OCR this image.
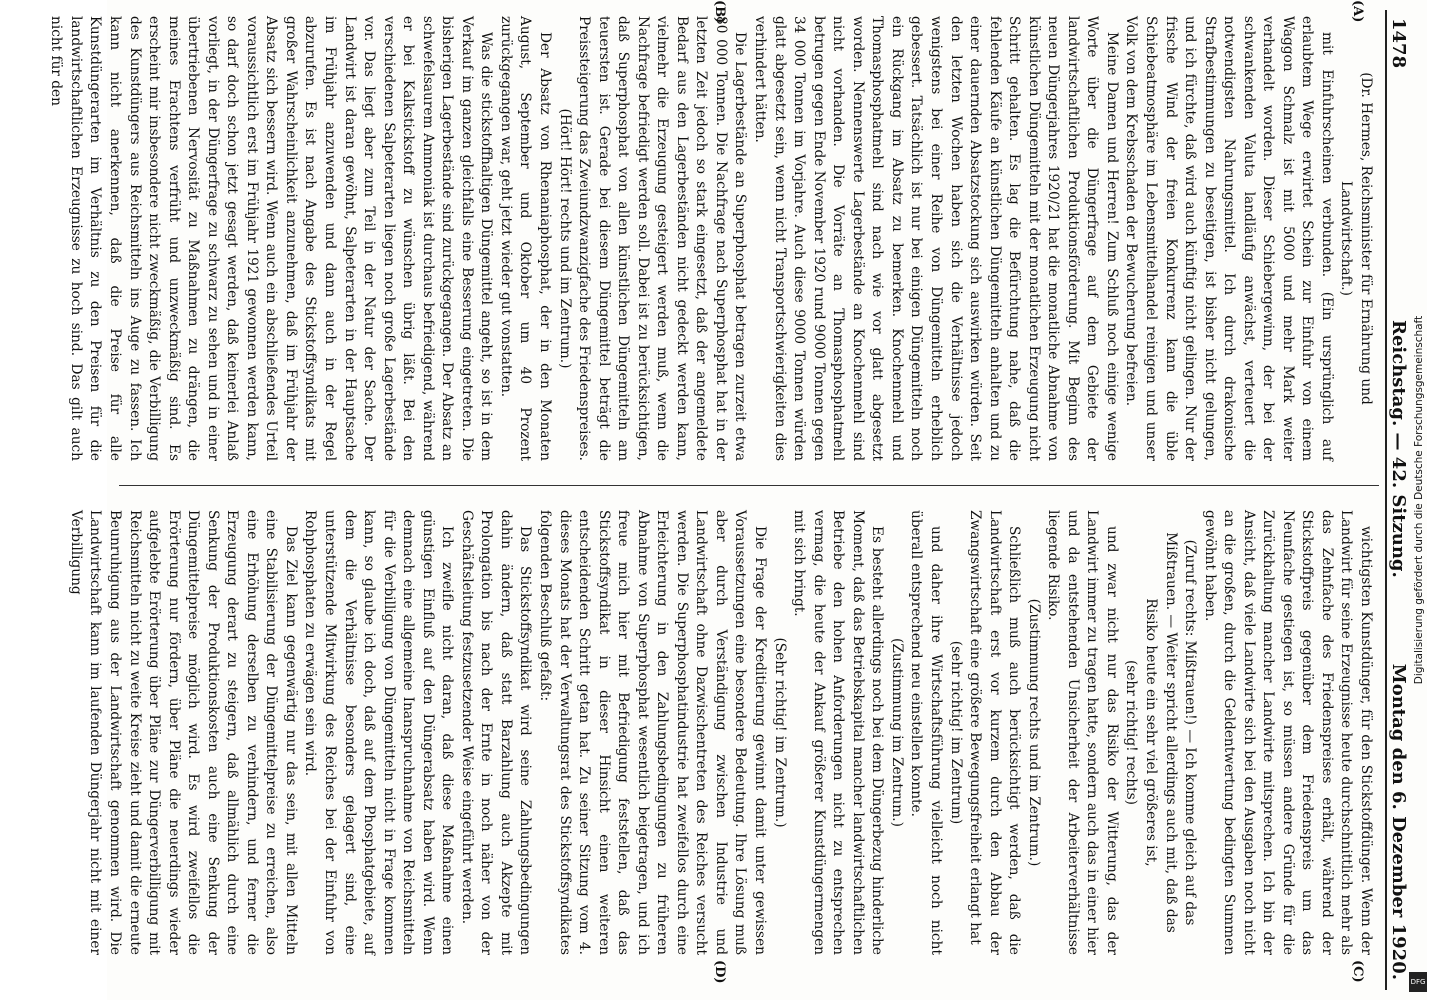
1478
Reichstag. — 42. Sitzung.
Montag den 6. Dezember 1920.
(A)
(B)
(C)
(D)

(Dr. Hermes, Reichsminister für Ernährung und Landwirtschaft.)

mit Einfuhrscheinen verbunden. (Ein ursprünglich auf erlaubtem Wege erwirtet Schein zur Einfuhr von einem Waggon Schmalz ist mit 5000 und mehr Mark weiter verhandelt worden. Dieser Schiebergewinn, der bei der schwankenden Valuta landläufig anwächst, verteuert die notwendigsten Nahrungsmittel. Ich durch drakonische Strafbestimmungen zu beseitigen, ist bisher nicht gelungen, und ich fürchte, daß wird auch künftig nicht gelingen. Nur der frische Wind der freien Konkurrenz kann die üble Schiebeatmosphäre im Lebensmittelhandel reinigen und unser Volk von dem Krebsschaden der Bewucherung befreien.

Meine Damen und Herren! Zum Schluß noch einige wenige Worte über die Düngerfrage auf dem Gebiete der landwirtschaftlichen Produktionsförderung. Mit Beginn des neuen Düngerjahres 1920/21 hat die monatliche Abnahme von künstlichen Düngemitteln mit der monatlichen Erzeugung nicht Schritt gehalten. Es lag die Befürchtung nahe, daß die fehlenden Käufe an künstlichen Düngemitteln anhalten und zu einer dauernden Absatzstockung sich auswirken würden. Seit den letzten Wochen haben sich die Verhältnisse jedoch wenigstens bei einer Reihe von Düngemitteln erheblich gebessert. Tatsächlich ist nur bei einigen Düngemitteln noch ein Rückgang im Absatz zu bemerken. Knochenmehl und Thomasphosphatmehl sind nach wie vor glatt abgesetzt worden. Nennenswerte Lagerbestände an Knochenmehl sind nicht vorhanden. Die Vorräte an Thomasphosphatmehl betrugen gegen Ende November 1920 rund 9000 Tonnen gegen 34 000 Tonnen im Vorjahre. Auch diese 9000 Tonnen würden glatt abgesetzt sein, wenn nicht Transportschwierigkeiten dies verhindert hätten.

Die Lagerbestände an Superphosphat betragen zurzeit etwa 80 000 Tonnen. Die Nachfrage nach Superphosphat hat in der letzten Zeit jedoch so stark eingesetzt, daß der angemeldete Bedarf aus den Lagerbeständen nicht gedeckt werden kann, vielmehr die Erzeugung gesteigert werden muß, wenn die Nachfrage befriedigt werden soll. Dabei ist zu berücksichtigen, daß Superphosphat von allen künstlichen Düngemitteln am teuersten ist. Gerade bei diesem Düngemittel beträgt die Preissteigerung das Zweiundzwanzigfache des Friedenspreises.

(Hört! Hört! rechts und im Zentrum.)

Der Absatz von Rhenaniaphosphat, der in den Monaten August, September und Oktober um 40 Prozent zurückgegangen war, geht jetzt wieder gut vonstatten.

Was die stickstoffhaltigen Düngemittel angeht, so ist in dem Verkauf im ganzen gleichfalls eine Besserung eingetreten. Die bisherigen Lagerbestände sind zurückgegangen. Der Absatz an schwefelsaurem Ammoniak ist durchaus befriedigend, während er bei Kalkstickstoff zu wünschen übrig läßt. Bei den verschiedenen Salpeterarten liegen noch große Lagerbestände vor. Das liegt aber zum Teil in der Natur der Sache. Der Landwirt ist daran gewöhnt, Salpeterarten in der Hauptsache im Frühjahr anzuwenden und dann auch in der Regel abzurufen. Es ist nach Angabe des Stickstoffsyndikats mit großer Wahrscheinlichkeit anzunehmen, daß im Frühjahr der Absatz sich bessern wird. Wenn auch ein abschließendes Urteil voraussichtlich erst im Frühjahr 1921 gewonnen werden kann, so darf doch schon jetzt gesagt werden, daß keinerlei Anlaß vorliegt, in der Düngerfrage zu schwarz zu sehen und in einer übertriebenen Nervosität zu Maßnahmen zu drängen, die meines Erachtens verfrüht und unzweckmäßig sind. Es erscheint mir insbesondere nicht zweckmäßig, die Verbilligung des Kunstdüngers aus Reichsmitteln ins Auge zu fassen. Ich kann nicht anerkennen, daß die Preise für alle Kunstdüngerarten im Verhältnis zu den Preisen für die landwirtschaftlichen Erzeugnisse zu hoch sind. Das gilt auch nicht für den

wichtigsten Kunstdünger, für den Stickstoffdünger. Wenn der Landwirt für seine Erzeugnisse heute durchschnittlich mehr als das Zehnfache des Friedenspreises erhält, während der Stickstoffpreis gegenüber dem Friedenspreis um das Neunfache gestiegen ist, so müssen andere Gründe für die Zurückhaltung mancher Landwirte mitsprechen. Ich bin der Ansicht, daß viele Landwirte sich bei den Ausgaben noch nicht an die großen, durch die Geldentwertung bedingten Summen gewöhnt haben.

(Zuruf rechts: Mißtrauen!) — Ich komme gleich auf das Mißtrauen. — Weiter spricht allerdings auch mit, daß das Risiko heute ein sehr viel größeres ist,

(sehr richtig! rechts)

und zwar nicht nur das Risiko der Witterung, das der Landwirt immer zu tragen hatte, sondern auch das in einer hier und da entstehenden Unsicherheit der Arbeiterverhältnisse liegende Risiko.

(Zustimmung rechts und im Zentrum.)

Schließlich muß auch berücksichtigt werden, daß die Landwirtschaft erst vor kurzem durch den Abbau der Zwangswirtschaft eine größere Bewegungsfreiheit erlangt hat

(sehr richtig! im Zentrum)

und daher ihre Wirtschaftsführung vielleicht noch nicht überall entsprechend neu einstellen konnte.

(Zustimmung im Zentrum.)

Es besteht allerdings noch bei dem Düngerbezug hinderliche Moment, daß das Betriebskapital mancher landwirtschaftlichen Betriebe den hohen Anforderungen nicht zu entsprechen vermag, die heute der Ankauf größerer Kunstdüngermengen mit sich bringt.

(Sehr richtig! im Zentrum.)

Die Frage der Kreditierung gewinnt damit unter gewissen Voraussetzungen eine besondere Bedeutung. Ihre Lösung muß aber durch Verständigung zwischen Industrie und Landwirtschaft ohne Dazwischentreten des Reiches versucht werden. Die Superphosphatindustrie hat zweifellos durch eine Erleichterung in den Zahlungsbedingungen zu früheren Abnahme von Superphosphat wesentlich beigetragen, und ich freue mich hier mit Befriedigung feststellen, daß das Stickstoffsyndikat in dieser Hinsicht einen weiteren entscheidenden Schritt getan hat. Zu seiner Sitzung vom 4. dieses Monats hat der Verwaltungsrat des Stickstoffsyndikates folgenden Beschluß gefaßt:

Das Stickstoffsyndikat wird seine Zahlungsbedingungen dahin ändern, daß statt Barzahlung auch Akzepte mit Prolongation bis nach der Ernte in noch näher von der Geschäftsleitung festzusetzender Weise eingeführt werden.

Ich zweifle nicht daran, daß diese Maßnahme einen günstigen Einfluß auf den Düngerabsatz haben wird. Wenn demnach eine allgemeine Inanspruchnahme von Reichsmitteln für die Verbilligung von Düngemitteln nicht in Frage kommen kann, so glaube ich doch, daß auf dem Phosphatgebiete, auf dem die Verhältnisse besonders gelagert sind, eine unterstützende Mitwirkung des Reiches bei der Einfuhr von Rohphosphaten zu erwägen sein wird.

Das Ziel kann gegenwärtig nur das sein, mit allen Mitteln eine Stabilisierung der Düngemittelpreise zu erreichen, also eine Erhöhung derselben zu verhindern, und ferner die Erzeugung derart zu steigern, daß allmählich durch eine Senkung der Produktionskosten auch eine Senkung der Düngemittelpreise möglich wird. Es wird zweifellos die Erörterung nur fördern, über Pläne die neuerdings wieder aufgelebte Erörterung über Pläne zur Düngerverbilligung mit Reichsmitteln nicht zu weite Kreise zieht und damit die erneute Beunruhigung aus der Landwirtschaft genommen wird. Die Landwirtschaft kann im laufenden Düngerjahr nicht mit einer Verbilligung	Digitalisierung gefördert durch die Deutsche Forschungsgemeinschaft
DFG
